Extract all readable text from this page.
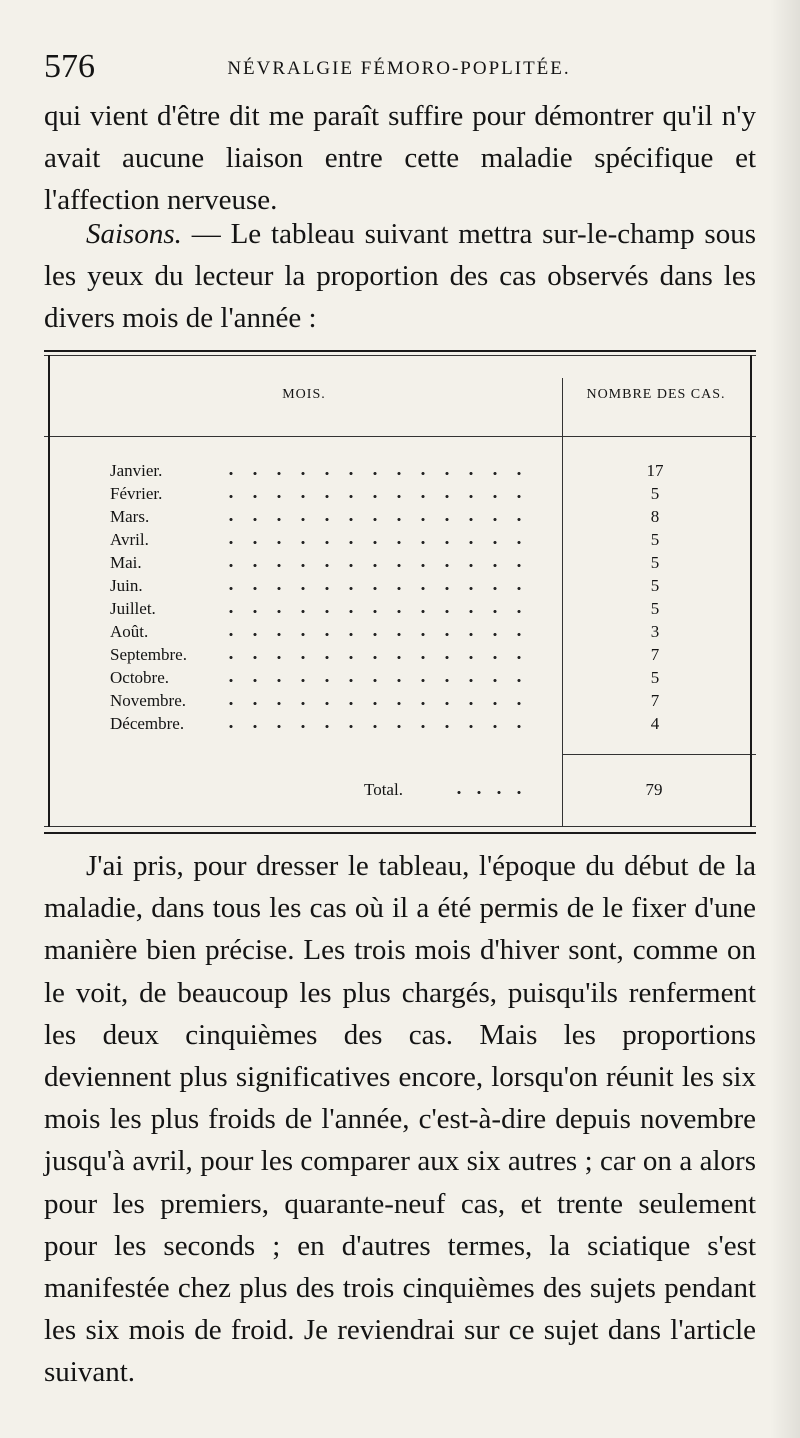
576	NÉVRALGIE FÉMORO-POPLITÉE.

qui vient d'être dit me paraît suffire pour démontrer qu'il n'y avait aucune liaison entre cette maladie spécifique et l'affection nerveuse.

Saisons. — Le tableau suivant mettra sur-le-champ sous les yeux du lecteur la proportion des cas observés dans les divers mois de l'année :

MOIS.	NOMBRE DES CAS.
Janvier.	17
Février.	5
Mars.	8
Avril.	5
Mai.	5
Juin.	5
Juillet.	5
Août.	3
Septembre.	7
Octobre.	5
Novembre.	7
Décembre.	4
Total.	79

J'ai pris, pour dresser le tableau, l'époque du début de la maladie, dans tous les cas où il a été permis de le fixer d'une manière bien précise. Les trois mois d'hiver sont, comme on le voit, de beaucoup les plus chargés, puisqu'ils renferment les deux cinquièmes des cas. Mais les proportions deviennent plus significatives encore, lorsqu'on réunit les six mois les plus froids de l'année, c'est-à-dire depuis novembre jusqu'à avril, pour les comparer aux six autres ; car on a alors pour les premiers, quarante-neuf cas, et trente seulement pour les seconds ; en d'autres termes, la sciatique s'est manifestée chez plus des trois cinquièmes des sujets pendant les six mois de froid. Je reviendrai sur ce sujet dans l'article suivant.
